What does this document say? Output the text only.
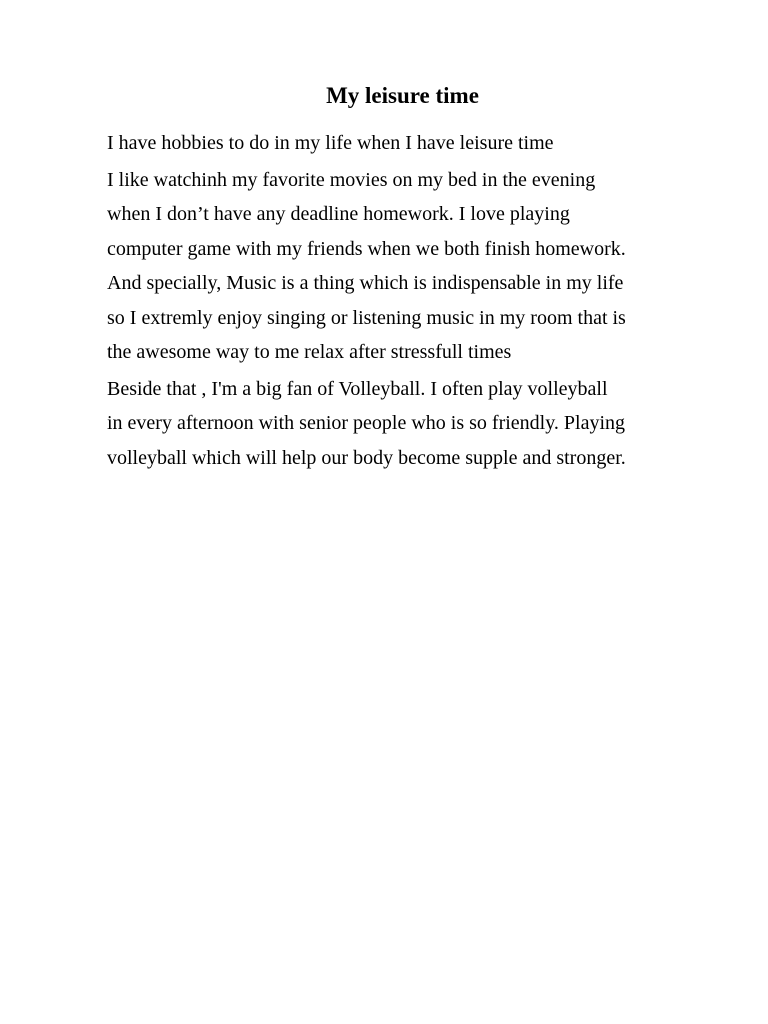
My leisure time

I have hobbies to do in my life when I have leisure time

I like watchinh my favorite movies on my bed in the evening
when I don’t have any deadline homework. I love playing
computer game with my friends when we both finish homework.
And specially, Music is a thing which is indispensable in my life
so I extremly enjoy singing or listening music in my room that is
the awesome way to me relax after stressfull times

Beside that , I'm a big fan of Volleyball. I often play volleyball
in every afternoon with senior people who is so friendly. Playing
volleyball which will help our body become supple and stronger.
